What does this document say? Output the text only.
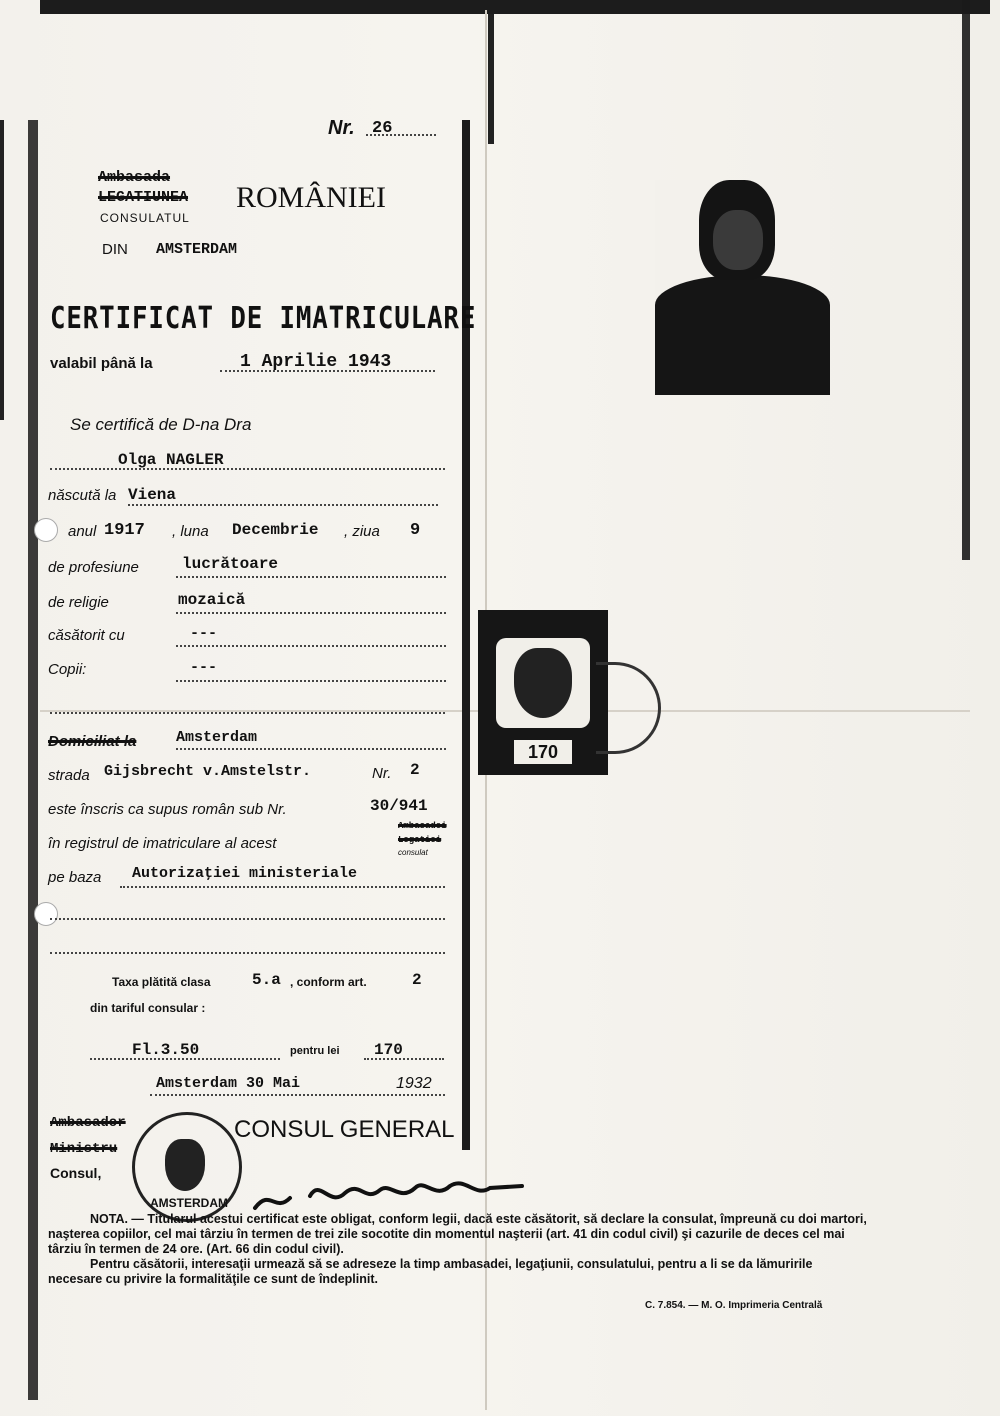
Nr. 26
Ambasada
LEGATIUNEA ROMÂNIEI
CONSULATUL
DIN AMSTERDAM
CERTIFICAT DE IMATRICULARE
valabil până la	1 Aprilie 1943
Se certifică de D-na Dra
Olga NAGLER
născută la Viena
anul 1917 , luna Decembrie , ziua 9
de profesiune	lucrătoare
de religie	mozaică
căsătorit cu	---
Copii:	---
Domiciliat la	Amsterdam
strada Gijsbrecht v.Amstelstr.	Nr. 2
este înscris ca supus român sub Nr.	30/941
în registrul de imatriculare al acest
Ambasadei
Legatiei
consulat
pe baza Autorizaţiei ministeriale
Taxa plătită clasa	5.a , conform art.	2
din tariful consular :
Fl.3.50	pentru lei 170
Amsterdam 30 Mai	1932
Ambasador
Ministru
Consul,
CONSUL GENERAL
AMSTERDAM
170
NOTA. — Titularul acestui certificat este obligat, conform legii, dacă este căsătorit, să declare la consulat, împreună cu doi martori, naşterea copiilor, cel mai târziu în termen de trei zile socotite din momentul naşterii (art. 41 din codul civil) şi cazurile de deces cel mai târziu în termen de 24 ore. (Art. 66 din codul civil).
Pentru căsătorii, interesaţii urmează să se adreseze la timp ambasadei, legaţiunii, consulatului, pentru a li se da lămuririle necesare cu privire la formalităţile ce sunt de îndeplinit.
C. 7.854. — M. O. Imprimeria Centrală
